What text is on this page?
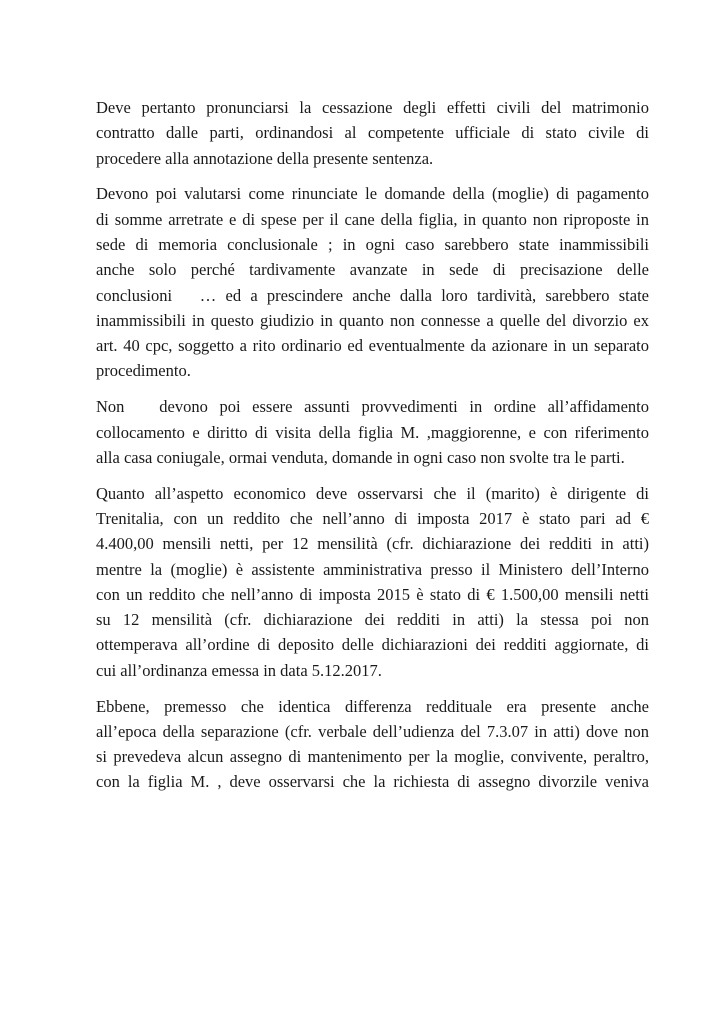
Deve pertanto pronunciarsi la cessazione degli effetti civili del matrimonio
contratto dalle parti, ordinandosi al competente ufficiale di stato civile di
procedere alla annotazione della presente sentenza.

Devono poi valutarsi come rinunciate le domande della (moglie) di pagamento
di somme arretrate e di spese per il cane della figlia, in quanto non riproposte in
sede di memoria conclusionale ; in ogni caso sarebbero state inammissibili
anche solo perché tardivamente avanzate in sede di precisazione delle
conclusioni   … ed a prescindere anche dalla loro tardività, sarebbero state
inammissibili in questo giudizio in quanto non connesse a quelle del divorzio ex
art. 40 cpc, soggetto a rito ordinario ed eventualmente da azionare in un separato
procedimento.

Non   devono poi essere assunti provvedimenti in ordine all’affidamento
collocamento e diritto di visita della figlia M. ,maggiorenne, e con riferimento
alla casa coniugale, ormai venduta, domande in ogni caso non svolte tra le parti.

Quanto all’aspetto economico deve osservarsi che il (marito) è dirigente di
Trenitalia, con un reddito che nell’anno di imposta 2017 è stato pari ad €
4.400,00 mensili netti, per 12 mensilità (cfr. dichiarazione dei redditi in atti)
mentre la (moglie) è assistente amministrativa presso il Ministero dell’Interno
con un reddito che nell’anno di imposta 2015 è stato di € 1.500,00 mensili netti
su 12 mensilità (cfr. dichiarazione dei redditi in atti) la stessa poi non
ottemperava all’ordine di deposito delle dichiarazioni dei redditi aggiornate, di
cui all’ordinanza emessa in data 5.12.2017.

Ebbene, premesso che identica differenza reddituale era presente anche
all’epoca della separazione (cfr. verbale dell’udienza del 7.3.07 in atti) dove non
si prevedeva alcun assegno di mantenimento per la moglie, convivente, peraltro,
con la figlia M. , deve osservarsi che la richiesta di assegno divorzile veniva
